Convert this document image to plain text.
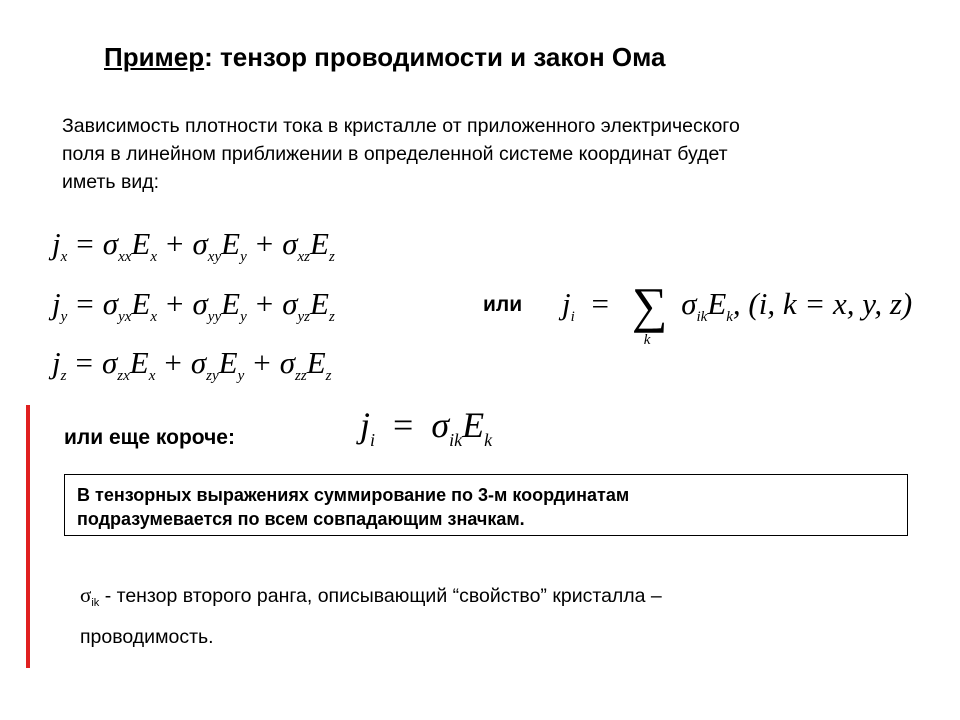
Пример: тензор проводимости и закон Ома
Зависимость плотности тока в кристалле от приложенного электрического
поля в линейном приближении в определенной системе координат будет
иметь вид:
$j_x = \sigma_{xx}E_x + \sigma_{xy}E_y + \sigma_{xz}E_z$
$j_y = \sigma_{yx}E_x + \sigma_{yy}E_y + \sigma_{yz}E_z$
$j_z = \sigma_{zx}E_x + \sigma_{zy}E_y + \sigma_{zz}E_z$
или $j_i$ = ∑
k
$\sigma_{ik}E_k$, (i, k = x, y, z)
или еще короче:	$j_i = \sigma_{ik}E_k$
В тензорных выражениях суммирование по 3-м координатам
подразумевается по всем совпадающим значкам.
$\sigma_{ik}$ - тензор второго ранга, описывающий “свойство” кристалла –
проводимость.
